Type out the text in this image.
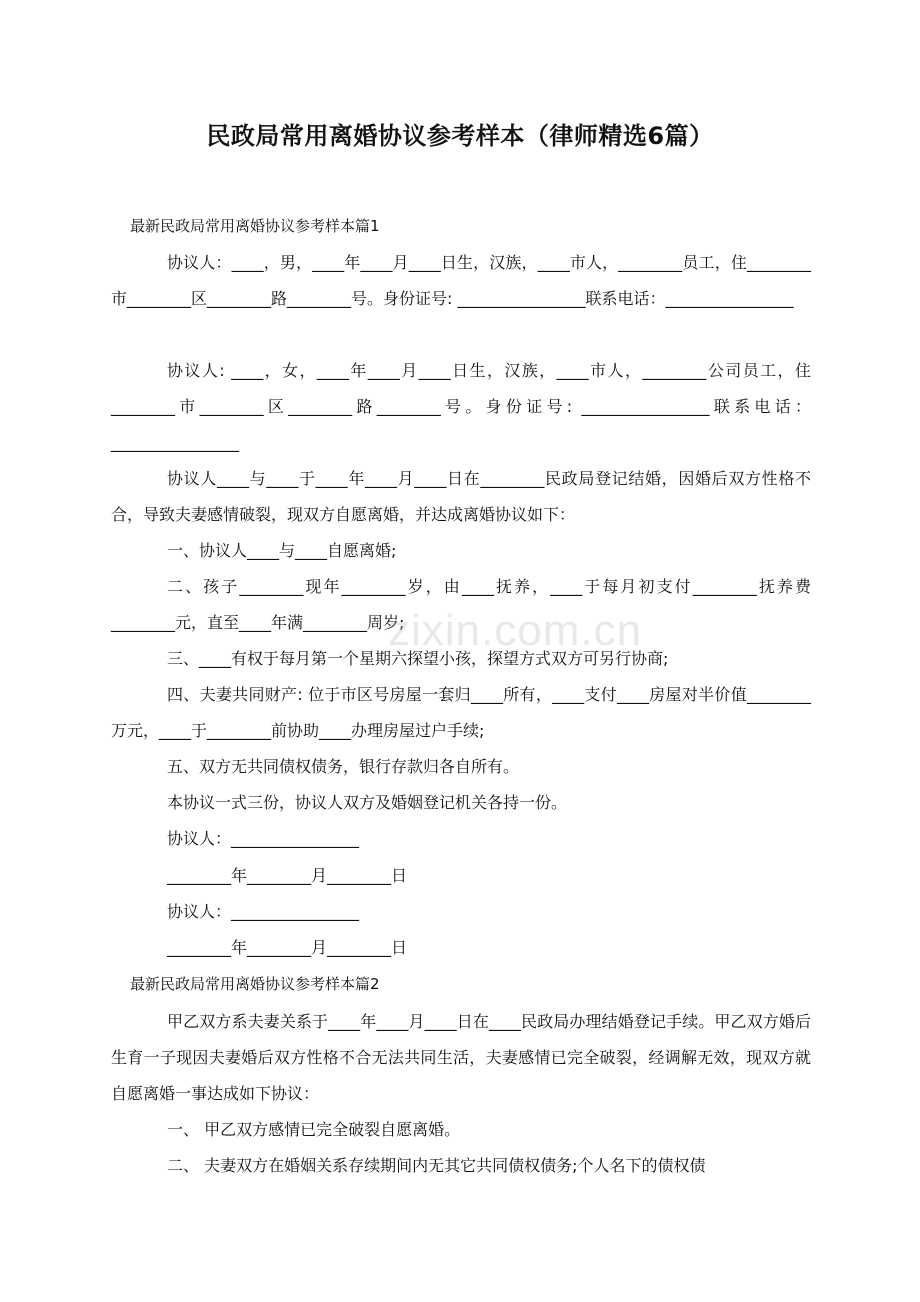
民政局常用离婚协议参考样本（律师精选6篇）
最新民政局常用离婚协议参考样本篇1

协议人：____，男，____年____月____日生，汉族，____市人，________员工，住________市________区________路________号。身份证号: ________________联系电话：________________

协议人: ____，女，____年____月____日生，汉族，____市人，________公司员工，住________市________区________路________号。身份证号: ________________联系电话：________________

协议人____与____于____年____月____日在________民政局登记结婚，因婚后双方性格不合，导致夫妻感情破裂，现双方自愿离婚，并达成离婚协议如下：

一、协议人____与____自愿离婚;

二、孩子________现年________岁，由____抚养，____于每月初支付________抚养费________元，直至____年满________周岁;

三、____有权于每月第一个星期六探望小孩，探望方式双方可另行协商;

四、夫妻共同财产: 位于市区号房屋一套归____所有，____支付____房屋对半价值________万元，____于________前协助____办理房屋过户手续;

五、双方无共同债权债务，银行存款归各自所有。

本协议一式三份，协议人双方及婚姻登记机关各持一份。

协议人：________________

________年________月________日

协议人：________________

________年________月________日

最新民政局常用离婚协议参考样本篇2

甲乙双方系夫妻关系于____年____月____日在____民政局办理结婚登记手续。甲乙双方婚后生育一子现因夫妻婚后双方性格不合无法共同生活，夫妻感情已完全破裂，经调解无效，现双方就自愿离婚一事达成如下协议：

一、 甲乙双方感情已完全破裂自愿离婚。

二、 夫妻双方在婚姻关系存续期间内无其它共同债权债务;个人名下的债权债

zixin.com.cn
